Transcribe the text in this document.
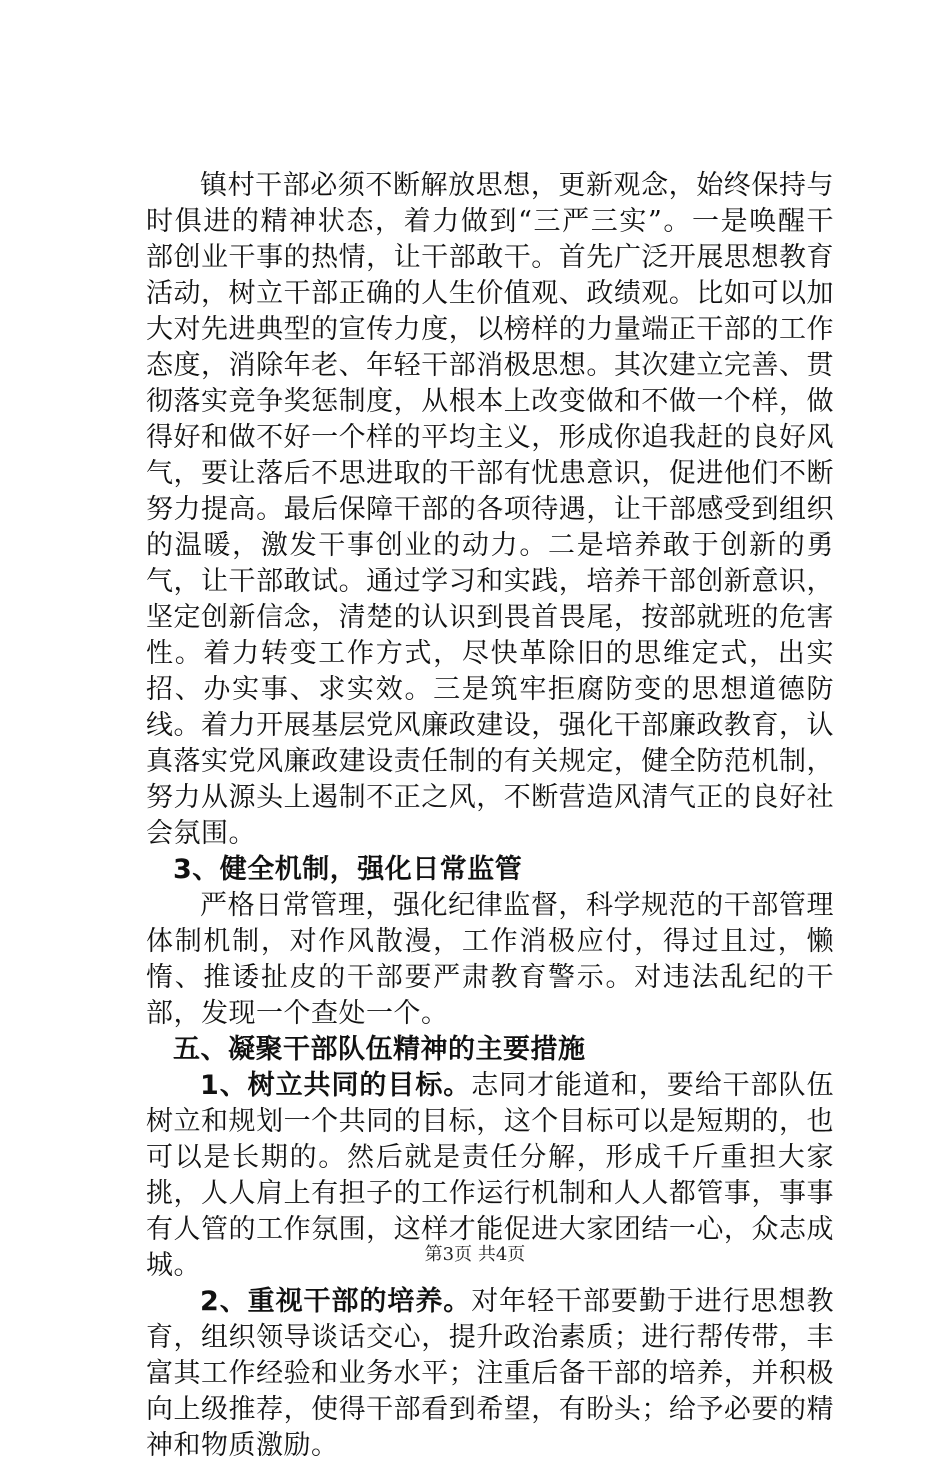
镇村干部必须不断解放思想，更新观念，始终保持与时俱进的精神状态，着力做到“三严三实”。一是唤醒干部创业干事的热情，让干部敢干。首先广泛开展思想教育活动，树立干部正确的人生价值观、政绩观。比如可以加大对先进典型的宣传力度，以榜样的力量端正干部的工作态度，消除年老、年轻干部消极思想。其次建立完善、贯彻落实竞争奖惩制度，从根本上改变做和不做一个样，做得好和做不好一个样的平均主义，形成你追我赶的良好风气，要让落后不思进取的干部有忧患意识，促进他们不断努力提高。最后保障干部的各项待遇，让干部感受到组织的温暖，激发干事创业的动力。二是培养敢于创新的勇气，让干部敢试。通过学习和实践，培养干部创新意识，坚定创新信念，清楚的认识到畏首畏尾，按部就班的危害性。着力转变工作方式，尽快革除旧的思维定式，出实招、办实事、求实效。三是筑牢拒腐防变的思想道德防线。着力开展基层党风廉政建设，强化干部廉政教育，认真落实党风廉政建设责任制的有关规定，健全防范机制，努力从源头上遏制不正之风，不断营造风清气正的良好社会氛围。

3、健全机制，强化日常监管

严格日常管理，强化纪律监督，科学规范的干部管理体制机制，对作风散漫，工作消极应付，得过且过，懒惰、推诿扯皮的干部要严肃教育警示。对违法乱纪的干部，发现一个查处一个。

五、凝聚干部队伍精神的主要措施

1、树立共同的目标。志同才能道和，要给干部队伍树立和规划一个共同的目标，这个目标可以是短期的，也可以是长期的。然后就是责任分解，形成千斤重担大家挑，人人肩上有担子的工作运行机制和人人都管事，事事有人管的工作氛围，这样才能促进大家团结一心，众志成城。

2、重视干部的培养。对年轻干部要勤于进行思想教育，组织领导谈话交心，提升政治素质；进行帮传带，丰富其工作经验和业务水平；注重后备干部的培养，并积极向上级推荐，使得干部看到希望，有盼头；给予必要的精神和物质激励。

第3页 共4页
